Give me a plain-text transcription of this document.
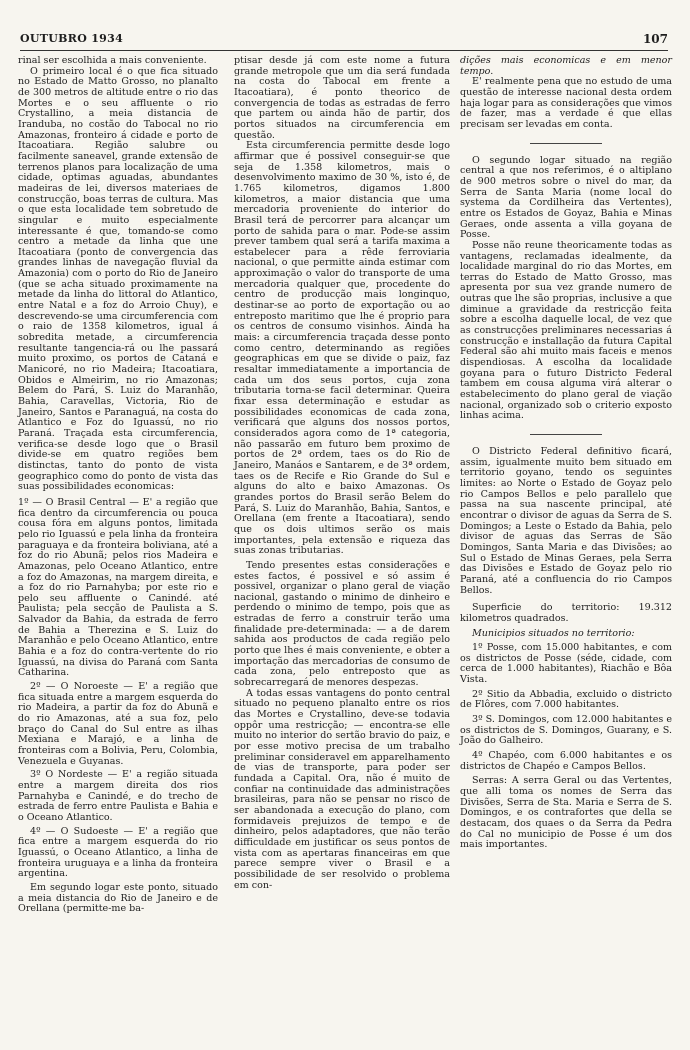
OUTUBRO 1934	107

rinal ser escolhida a mais conveniente.

O primeiro local é o que fica situado no Estado de Matto Grosso, no planalto de 300 metros de altitude entre o rio das Mortes e o seu affluente o rio Crystallino, a meia distancia de Iranduba, no costão do Tabocal no rio Amazonas, fronteiro á cidade e porto de Itacoatiara. Região salubre ou facilmente saneavel, grande extensão de terrenos planos para localização de uma cidade, optimas aguadas, abundantes madeiras de lei, diversos materiaes de construcção, boas terras de cultura. Mas o que esta localidade tem sobretudo de singular e muito especialmente interessante é que, tomando-se como centro a metade da linha que une Itacoatiara (ponto de convergencia das grandes linhas de navegação fluvial da Amazonia) com o porto do Rio de Janeiro (que se acha situado proximamente na metade da linha do littoral do Atlantico, entre Natal e a foz do Arroio Chuy), e descrevendo-se uma circumferencia com o raio de 1358 kilometros, igual á sobredita metade, a circumferencia resultante tangencia-rá ou lhe passará muito proximo, os portos de Cataná e Manicoré, no rio Madeira; Itacoatiara, Obidos e Almeirim, no rio Amazonas; Belem do Pará, S. Luiz do Maranhão, Bahia, Caravellas, Victoria, Rio de Janeiro, Santos e Paranaguá, na costa do Atlantico e Foz do Iguassú, no rio Paraná. Traçada esta circumferencia, verifica-se desde logo que o Brasil divide-se em quatro regiões bem distinctas, tanto do ponto de vista geographico como do ponto de vista das suas possibilidades economicas:

1º — O Brasil Central — E' a região que fica dentro da circumferencia ou pouca cousa fóra em alguns pontos, limitada pelo rio Iguassú e pela linha da fronteira paraguaya e da fronteira boliviana, até a foz do rio Abunã; pelos rios Madeira e Amazonas, pelo Oceano Atlantico, entre a foz do Amazonas, na margem direita, e a foz do rio Parnahyba; por este rio e pelo seu affluente o Canindé. até Paulista; pela secção de Paulista a S. Salvador da Bahia, da estrada de ferro de Bahia a Therezina e S. Luiz do Maranhão e pelo Oceano Atlantico, entre Bahia e a foz do contra-vertente do rio Iguassú, na divisa do Paraná com Santa Catharina.

2º — O Noroeste — E' a região que fica situada entre a margem esquerda do rio Madeira, a partir da foz do Abunã e do rio Amazonas, até a sua foz, pelo braço do Canal do Sul entre as ilhas Mexiana e Marajó, e a linha de fronteiras com a Bolivia, Peru, Colombia, Venezuela e Guyanas.

3º O Nordeste — E' a região situada entre a margem direita dos rios Parnahyba e Canindé, e do trecho de estrada de ferro entre Paulista e Bahia e o Oceano Atlantico.

4º — O Sudoeste — E' a região que fica entre a margem esquerda do rio Iguassú, o Oceano Atlantico, a linha de fronteira uruguaya e a linha da fronteira argentina.

Em segundo logar este ponto, situado a meia distancia do Rio de Janeiro e de Orellana (permitte-me ba-

ptisar desde já com este nome a futura grande metropole que um dia será fundada na costa do Tabocal em frente a Itacoatiara), é ponto theorico de convergencia de todas as estradas de ferro que partem ou ainda hão de partir, dos portos situados na circumferencia em questão.

Esta circumferencia permitte desde logo affirmar que é possivel conseguir-se que seja de 1.358 kilometros, mais o desenvolvimento maximo de 30 %, isto é, de 1.765 kilometros, digamos 1.800 kilometros, a maior distancia que uma mercadoria proveniente do interior do Brasil terá de percorrer para alcançar um porto de sahida para o mar. Pode-se assim prever tambem qual será a tarifa maxima a estabelecer para a rêde ferroviaria nacional, o que permitte ainda estimar com approximação o valor do transporte de uma mercadoria qualquer que, procedente do centro de producção mais longinquo, destinar-se ao porto de exportação ou ao entreposto maritimo que lhe é proprio para os centros de consumo visinhos. Ainda ha mais: a circumferencia traçada desse ponto como centro, determinando as regiões geographicas em que se divide o paiz, faz resaltar immediatamente a importancia de cada um dos seus portos, cuja zona tributaria torna-se facil determinar. Queira fixar essa determinação e estudar as possibilidades economicas de cada zona, verificará que alguns dos nossos portos, considerados agora como de 1ª categoria, não passarão em futuro bem proximo de portos de 2ª ordem, taes os do Rio de Janeiro, Manáos e Santarem, e de 3ª ordem, taes os de Recife e Rio Grande do Sul e alguns do alto e baixo Amazonas. Os grandes portos do Brasil serão Belem do Pará, S. Luiz do Maranhão, Bahia, Santos, e Orellana (em frente a Itacoatiara), sendo que os dois ultimos serão os mais importantes, pela extensão e riqueza das suas zonas tributarias.

Tendo presentes estas considerações e estes factos, é possivel e só assim é possivel, organizar o plano geral de viação nacional, gastando o minimo de dinheiro e perdendo o minimo de tempo, pois que as estradas de ferro a construir terão uma finalidade pre-determinada: — a de darem sahida aos productos de cada região pelo porto que lhes é mais conveniente, e obter a importação das mercadorias de consumo de cada zona, pelo entreposto que as sobrecarregará de menores despezas.

A todas essas vantagens do ponto central situado no pequeno planalto entre os rios das Mortes e Crystallino, deve-se todavia oppôr uma restricção; — encontra-se elle muito no interior do sertão bravio do paiz, e por esse motivo precisa de um trabalho preliminar consideravel em apparelhamento de vias de transporte, para poder ser fundada a Capital. Ora, não é muito de confiar na continuidade das administrações brasileiras, para não se pensar no risco de ser abandonada a execução do plano, com formidaveis prejuizos de tempo e de dinheiro, pelos adaptadores, que não terão difficuldade em justificar os seus pontos de vista com as apertaras financeiras em que parece sempre viver o Brasil e a possibilidade de ser resolvido o problema em con-

dições mais economicas e em menor tempo.

E' realmente pena que no estudo de uma questão de interesse nacional desta ordem haja logar para as considerações que vimos de fazer, mas a verdade é que ellas precisam ser levadas em conta.

O segundo logar situado na região central a que nos referimos, é o altiplano de 900 metros sobre o nivel do mar, da Serra de Santa Maria (nome local do systema da Cordilheira das Vertentes), entre os Estados de Goyaz, Bahia e Minas Geraes, onde assenta a villa goyana de Posse.

Posse não reune theoricamente todas as vantagens, reclamadas idealmente, da localidade marginal do rio das Mortes, em terras do Estado de Matto Grosso, mas apresenta por sua vez grande numero de outras que lhe são proprias, inclusive a que diminue a gravidade da restricção feita sobre a escolha daquelle local, de vez que as construcções preliminares necessarias á construcção e installação da futura Capital Federal são ahi muito mais faceis e menos dispendiosas. A escolha da localidade goyana para o futuro Districto Federal tambem em cousa alguma virá alterar o estabelecimento do plano geral de viação nacional, organizado sob o criterio exposto linhas acima.

O Districto Federal definitivo ficará, assim, igualmente muito bem situado em territorio goyano, tendo os seguintes limites: ao Norte o Estado de Goyaz pelo rio Campos Bellos e pelo parallelo que passa na sua nascente principal, até encontrar o divisor de aguas da Serra de S. Domingos; a Leste o Estado da Bahia, pelo divisor de aguas das Serras de São Domingos, Santa Maria e das Divisões; ao Sul o Estado de Minas Geraes, pela Serra das Divisões e Estado de Goyaz pelo rio Paraná, até a confluencia do rio Campos Bellos.

Superficie do territorio: 19.312 kilometros quadrados.

Municipios situados no territorio:

1º Posse, com 15.000 habitantes, e com os districtos de Posse (séde, cidade, com cerca de 1.000 habitantes), Riachão e Bôa Vista.

2º Sitio da Abbadia, excluido o districto de Flôres, com 7.000 habitantes.

3º S. Domingos, com 12.000 habitantes e os districtos de S. Domingos, Guarany, e S. João do Galheiro.

4º Chapéo, com 6.000 habitantes e os districtos de Chapéo e Campos Bellos.

Serras: A serra Geral ou das Vertentes, que alli toma os nomes de Serra das Divisões, Serra de Sta. Maria e Serra de S. Domingos, e os contrafortes que della se destacam, dos quaes o da Serra da Pedra do Cal no municipio de Posse é um dos mais importantes.
